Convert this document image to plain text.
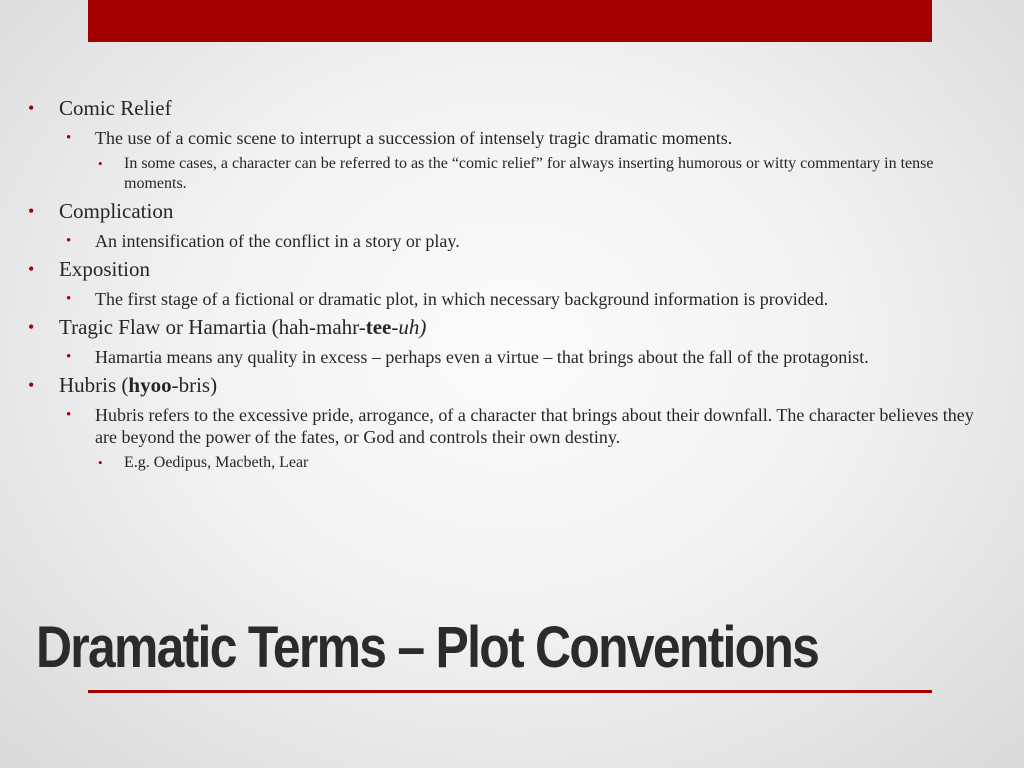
• Comic Relief

• The use of a comic scene to interrupt a succession of intensely tragic dramatic moments.

• In some cases, a character can be referred to as the “comic relief” for always inserting humorous or witty commentary in tense moments.

• Complication

• An intensification of the conflict in a story or play.

• Exposition

• The first stage of a fictional or dramatic plot, in which necessary background information is provided.

• Tragic Flaw or Hamartia (hah-mahr-tee-uh)

• Hamartia means any quality in excess – perhaps even a virtue – that brings about the fall of the protagonist.

• Hubris (hyoo-bris)

• Hubris refers to the excessive pride, arrogance, of a character that brings about their downfall. The character believes they are beyond the power of the fates, or God and controls their own destiny.

• E.g. Oedipus, Macbeth, Lear

Dramatic Terms – Plot Conventions
